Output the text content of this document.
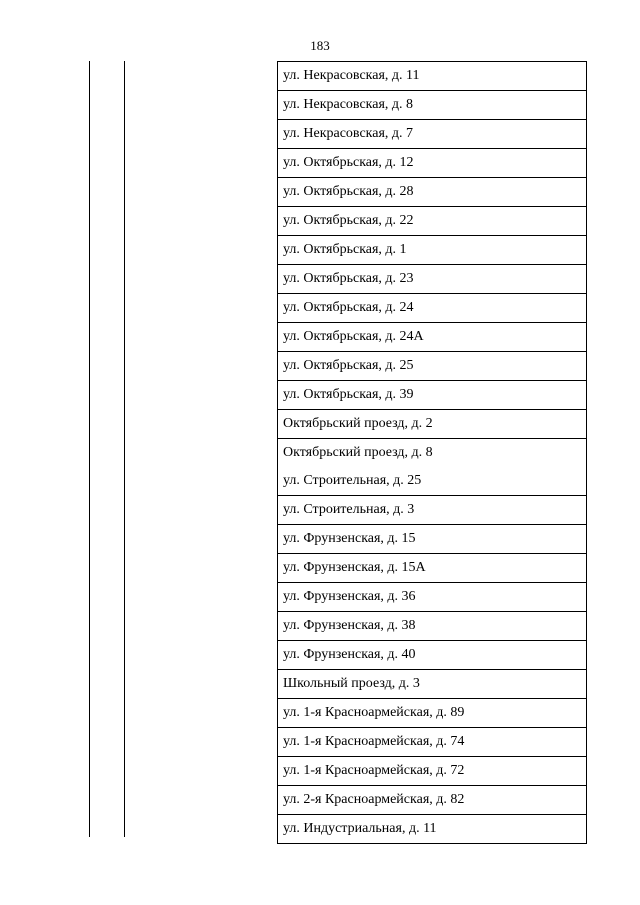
183
ул. Некрасовская, д. 11
ул. Некрасовская, д. 8
ул. Некрасовская, д. 7
ул. Октябрьская, д. 12
ул. Октябрьская, д. 28
ул. Октябрьская, д. 22
ул. Октябрьская, д. 1
ул. Октябрьская, д. 23
ул. Октябрьская, д. 24
ул. Октябрьская, д. 24А
ул. Октябрьская, д. 25
ул. Октябрьская, д. 39
Октябрьский проезд, д. 2
Октябрьский проезд, д. 8
ул. Строительная, д. 25
ул. Строительная, д. 3
ул. Фрунзенская, д. 15
ул. Фрунзенская, д. 15А
ул. Фрунзенская, д. 36
ул. Фрунзенская, д. 38
ул. Фрунзенская, д. 40
Школьный проезд, д. 3
ул. 1-я Красноармейская, д. 89
ул. 1-я Красноармейская, д. 74
ул. 1-я Красноармейская, д. 72
ул. 2-я Красноармейская, д. 82
ул. Индустриальная, д. 11
